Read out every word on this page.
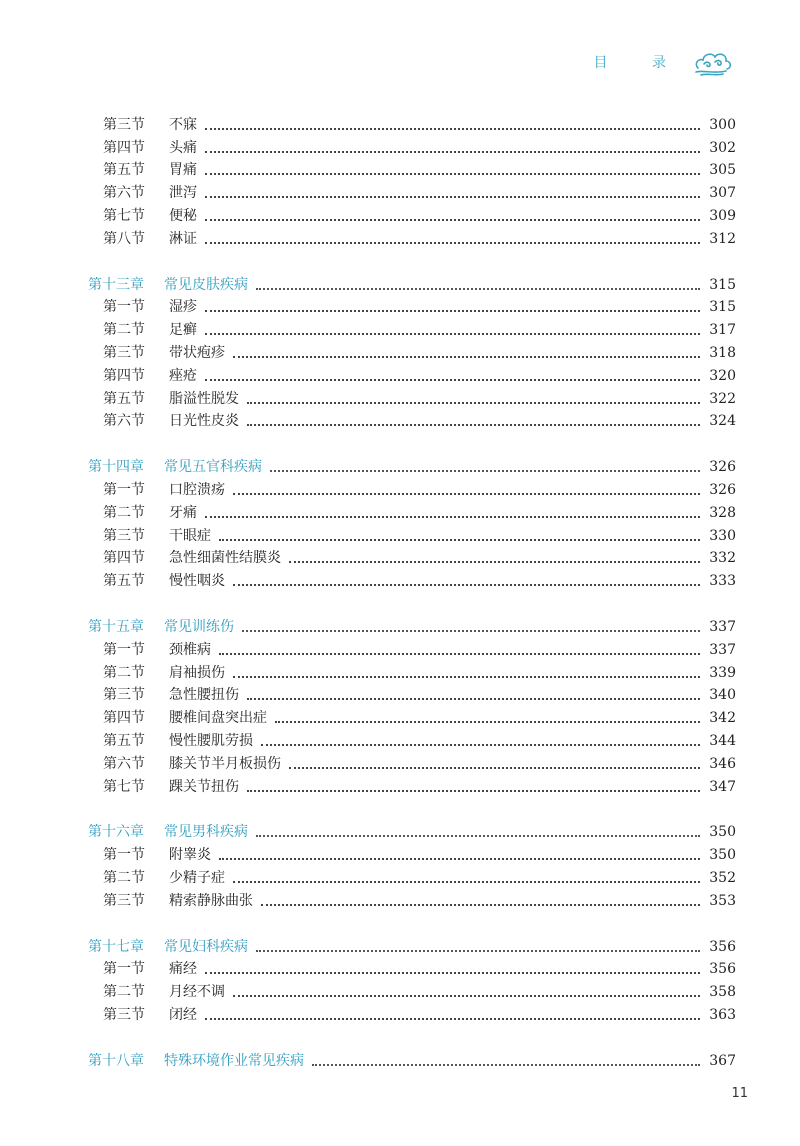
目 录
第三节	不寐	300
第四节	头痛	302
第五节	胃痛	305
第六节	泄泻	307
第七节	便秘	309
第八节	淋证	312
第十三章	常见皮肤疾病	315
第一节	湿疹	315
第二节	足癣	317
第三节	带状疱疹	318
第四节	痤疮	320
第五节	脂溢性脱发	322
第六节	日光性皮炎	324
第十四章	常见五官科疾病	326
第一节	口腔溃疡	326
第二节	牙痛	328
第三节	干眼症	330
第四节	急性细菌性结膜炎	332
第五节	慢性咽炎	333
第十五章	常见训练伤	337
第一节	颈椎病	337
第二节	肩袖损伤	339
第三节	急性腰扭伤	340
第四节	腰椎间盘突出症	342
第五节	慢性腰肌劳损	344
第六节	膝关节半月板损伤	346
第七节	踝关节扭伤	347
第十六章	常见男科疾病	350
第一节	附睾炎	350
第二节	少精子症	352
第三节	精索静脉曲张	353
第十七章	常见妇科疾病	356
第一节	痛经	356
第二节	月经不调	358
第三节	闭经	363
第十八章	特殊环境作业常见疾病	367
11
